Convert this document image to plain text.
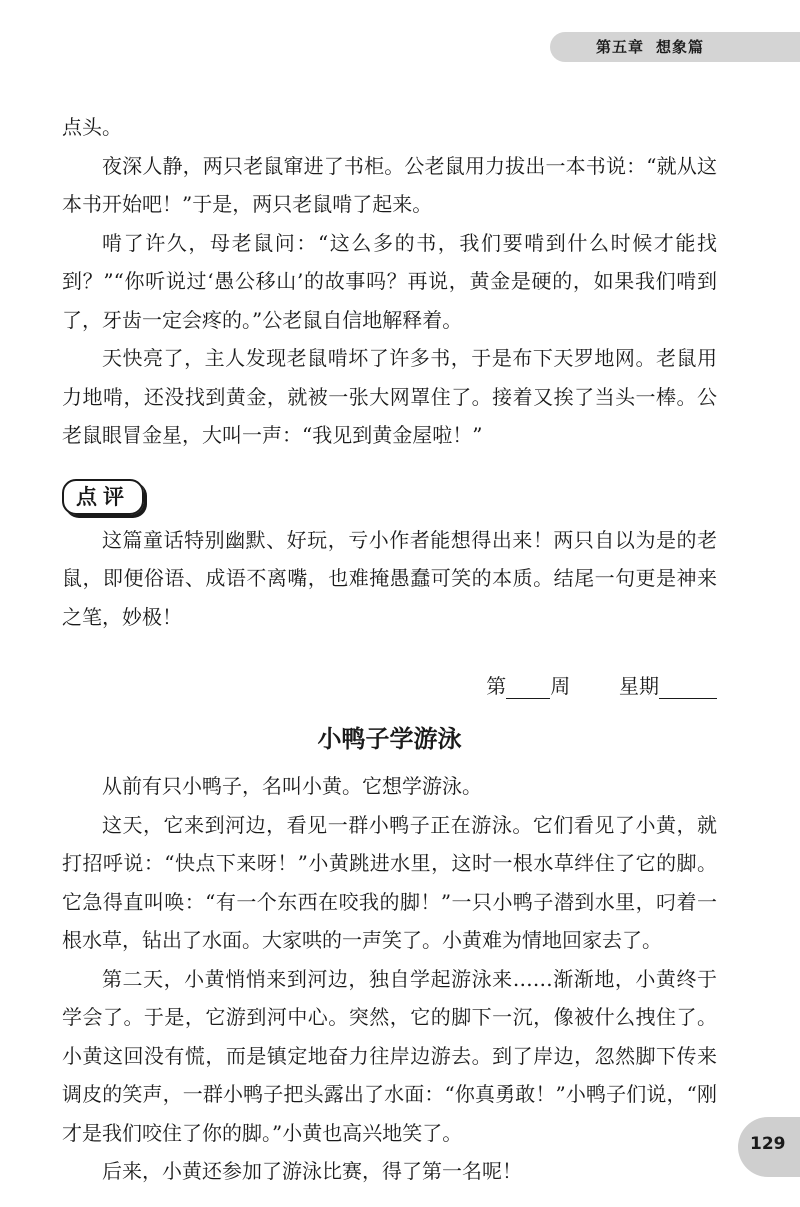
第五章 想象篇

点头。

夜深人静，两只老鼠窜进了书柜。公老鼠用力拔出一本书说：“就从这本书开始吧！”于是，两只老鼠啃了起来。

啃了许久，母老鼠问：“这么多的书，我们要啃到什么时候才能找到？”“你听说过‘愚公移山’的故事吗？再说，黄金是硬的，如果我们啃到了，牙齿一定会疼的。”公老鼠自信地解释着。

天快亮了，主人发现老鼠啃坏了许多书，于是布下天罗地网。老鼠用力地啃，还没找到黄金，就被一张大网罩住了。接着又挨了当头一棒。公老鼠眼冒金星，大叫一声：“我见到黄金屋啦！”

点评

这篇童话特别幽默、好玩，亏小作者能想得出来！两只自以为是的老鼠，即便俗语、成语不离嘴，也难掩愚蠢可笑的本质。结尾一句更是神来之笔，妙极！

第 周 星期
小鸭子学游泳

从前有只小鸭子，名叫小黄。它想学游泳。

这天，它来到河边，看见一群小鸭子正在游泳。它们看见了小黄，就打招呼说：“快点下来呀！”小黄跳进水里，这时一根水草绊住了它的脚。它急得直叫唤：“有一个东西在咬我的脚！”一只小鸭子潜到水里，叼着一根水草，钻出了水面。大家哄的一声笑了。小黄难为情地回家去了。

第二天，小黄悄悄来到河边，独自学起游泳来……渐渐地，小黄终于学会了。于是，它游到河中心。突然，它的脚下一沉，像被什么拽住了。小黄这回没有慌，而是镇定地奋力往岸边游去。到了岸边，忽然脚下传来调皮的笑声，一群小鸭子把头露出了水面：“你真勇敢！”小鸭子们说，“刚才是我们咬住了你的脚。”小黄也高兴地笑了。

后来，小黄还参加了游泳比赛，得了第一名呢！

129
